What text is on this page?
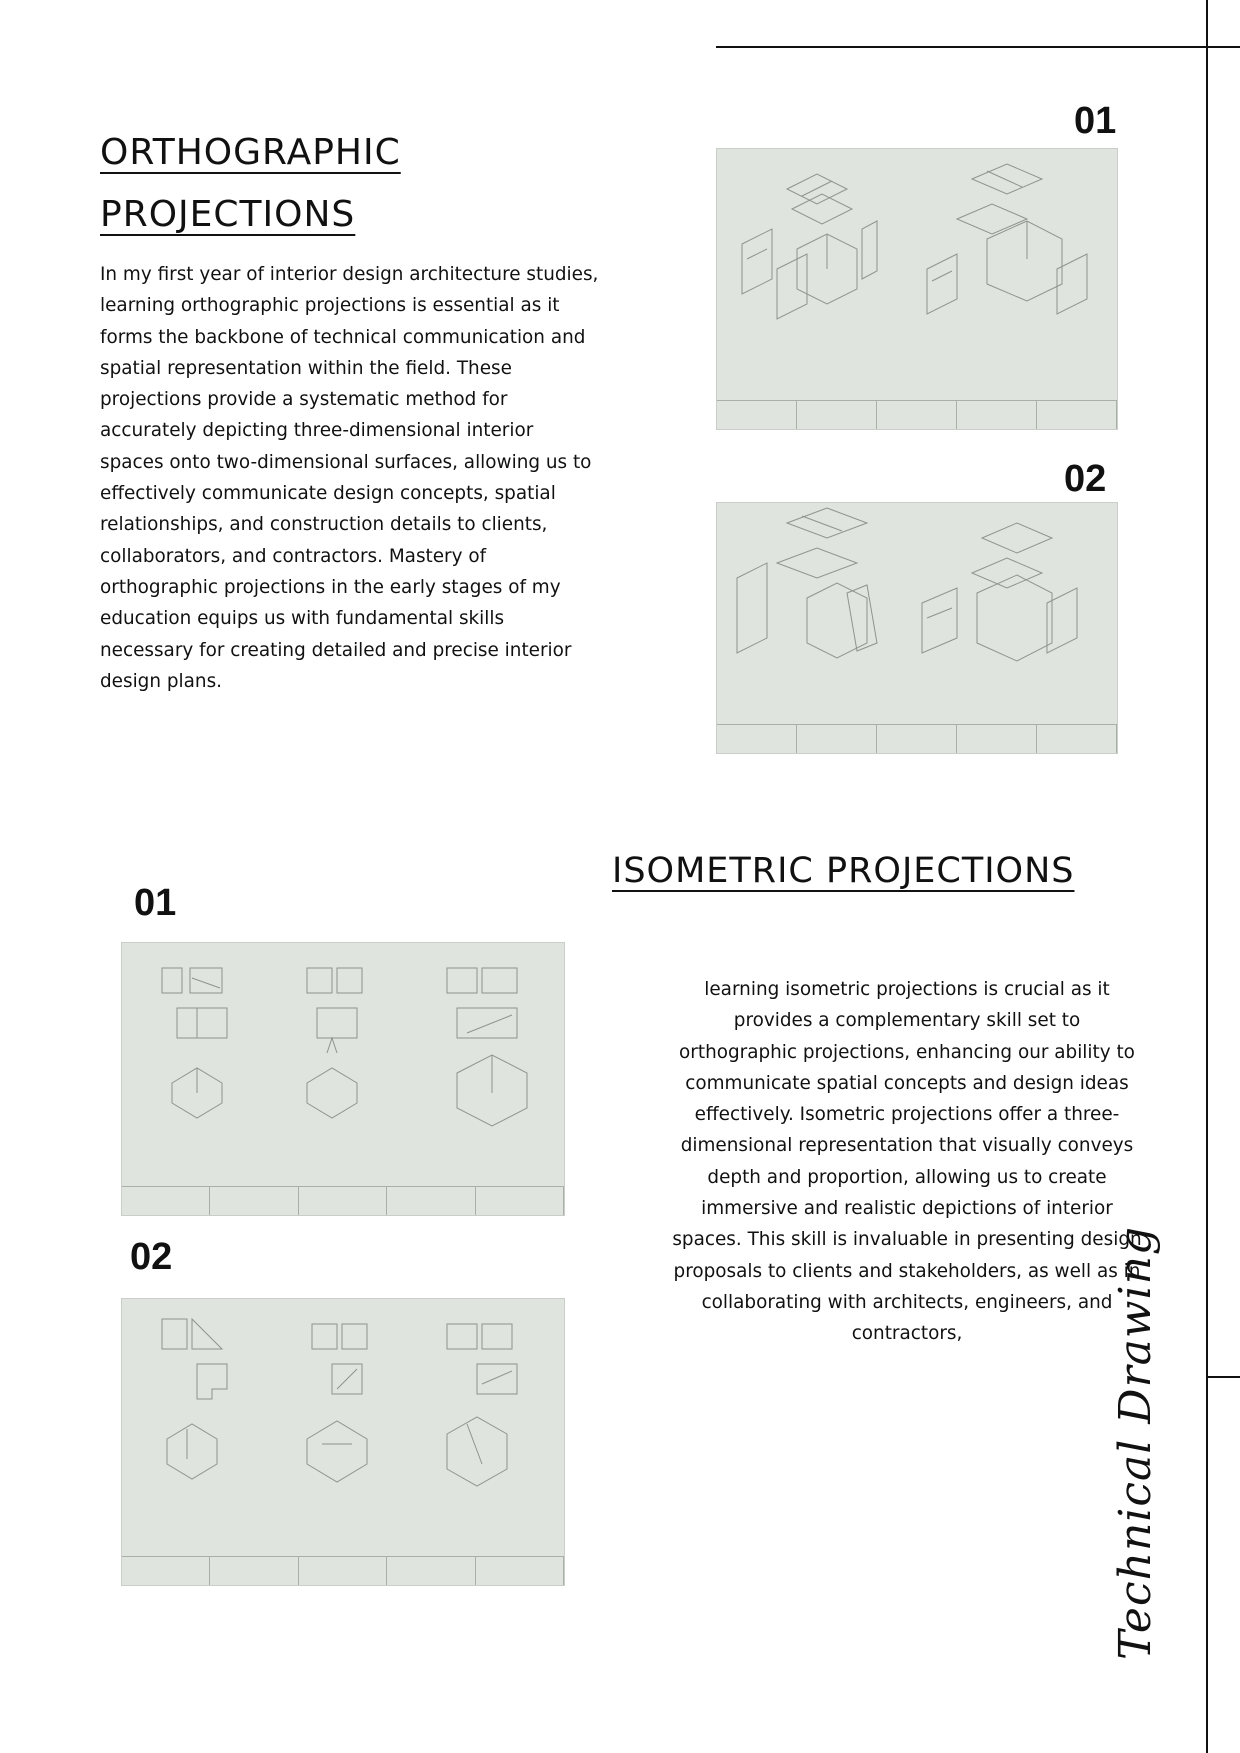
ORTHOGRAPHIC PROJECTIONS

In my first year of interior design architecture studies, learning orthographic projections is essential as it forms the backbone of technical communication and spatial representation within the field. These projections provide a systematic method for accurately depicting three-dimensional interior spaces onto two-dimensional surfaces, allowing us to effectively communicate design concepts, spatial relationships, and construction details to clients, collaborators, and contractors. Mastery of orthographic projections in the early stages of my education equips us with fundamental skills necessary for creating detailed and precise interior design plans.

01
02
ISOMETRIC PROJECTIONS

learning isometric projections is crucial as it provides a complementary skill set to orthographic projections, enhancing our ability to communicate spatial concepts and design ideas effectively. Isometric projections offer a three-dimensional representation that visually conveys depth and proportion, allowing us to create immersive and realistic depictions of interior spaces. This skill is invaluable in presenting design proposals to clients and stakeholders, as well as in collaborating with architects, engineers, and contractors,

01
02	Technical Drawing
